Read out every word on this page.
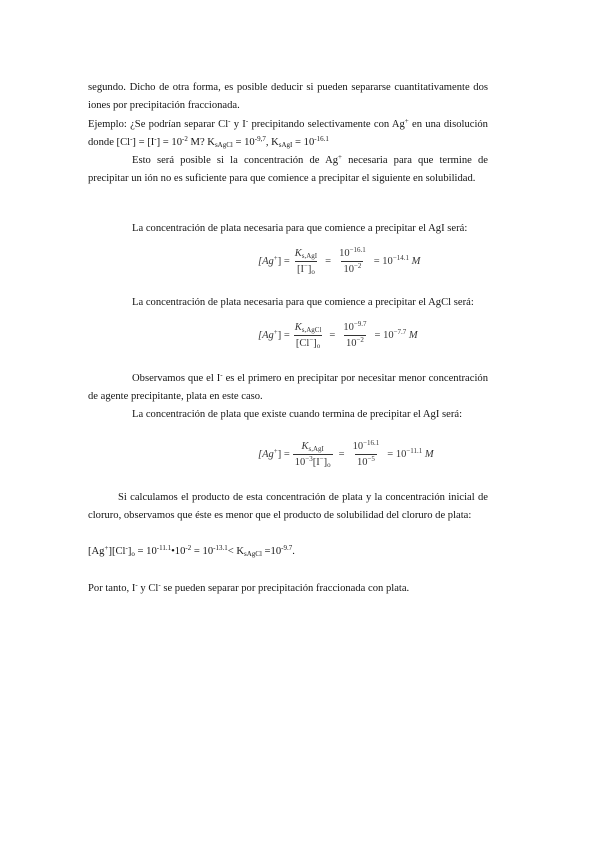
segundo. Dicho de otra forma, es posible deducir si pueden separarse cuantitativamente dos iones por precipitación fraccionada.

Ejemplo: ¿Se podrían separar Cl- y I- precipitando selectivamente con Ag+ en una disolución donde $[Cl^-] = [I^-] = 10^{-2}$ M? $K_{sAgCl} = 10^{-9,7}$, $K_{sAgI} = 10^{-16.1}$

Esto será posible si la concentración de Ag+ necesaria para que termine de precipitar un ión no es suficiente para que comience a precipitar el siguiente en solubilidad.

La concentración de plata necesaria para que comience a precipitar el AgI será:

$[Ag^+] = \frac{K_{s,AgI}}{[I^-]_o} = \frac{10^{-16.1}}{10^{-2}} = 10^{-14.1}$ M

La concentración de plata necesaria para que comience a precipitar el AgCl será:

$[Ag^+] = \frac{K_{s,AgCl}}{[Cl^-]_o} = \frac{10^{-9.7}}{10^{-2}} = 10^{-7.7}$ M

Observamos que el I- es el primero en precipitar por necesitar menor concentración de agente precipitante, plata en este caso.

La concentración de plata que existe cuando termina de precipitar el AgI será:

$[Ag^+] = \frac{K_{s,AgI}}{10^{-3}[I^-]_o} = \frac{10^{-16.1}}{10^{-5}} = 10^{-11.1}$ M

Si calculamos el producto de esta concentración de plata y la concentración inicial de cloruro, observamos que éste es menor que el producto de solubilidad del cloruro de plata:

$[Ag^+][Cl^-]_o$ = $10^{-11.1}•10^{-2} = 10^{-13.1}< K_{sAgCl} =10^{-9.7}$.

Por tanto, I- y Cl- se pueden separar por precipitación fraccionada con plata.
